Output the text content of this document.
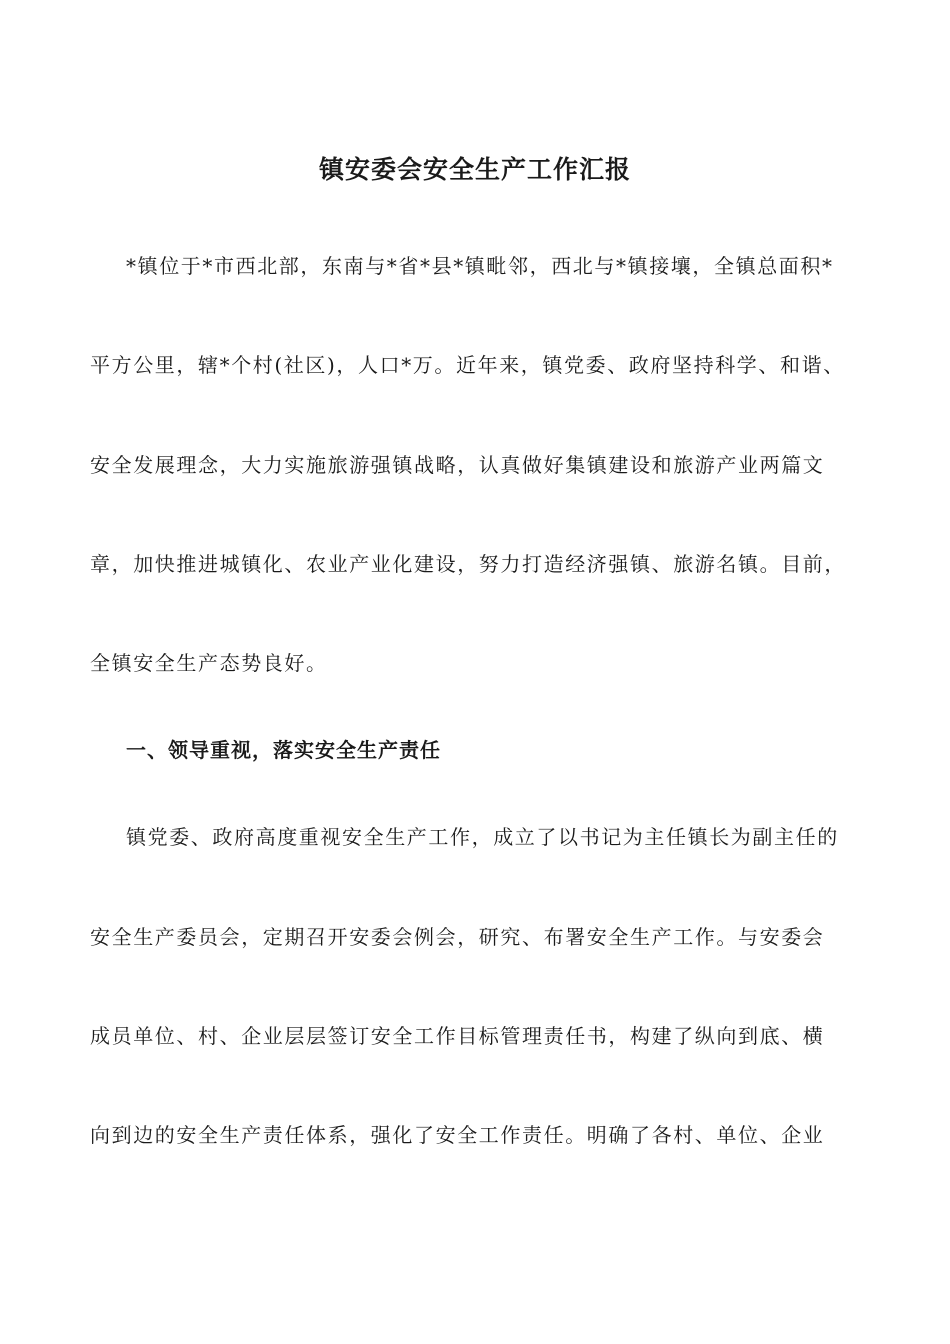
镇安委会安全生产工作汇报
*镇位于*市西北部，东南与*省*县*镇毗邻，西北与*镇接壤，全镇总面积*
平方公里，辖*个村(社区)，人口*万。近年来，镇党委、政府坚持科学、和谐、
安全发展理念，大力实施旅游强镇战略，认真做好集镇建设和旅游产业两篇文
章，加快推进城镇化、农业产业化建设，努力打造经济强镇、旅游名镇。目前，
全镇安全生产态势良好。
一、领导重视，落实安全生产责任
镇党委、政府高度重视安全生产工作，成立了以书记为主任镇长为副主任的
安全生产委员会，定期召开安委会例会，研究、布署安全生产工作。与安委会
成员单位、村、企业层层签订安全工作目标管理责任书，构建了纵向到底、横
向到边的安全生产责任体系，强化了安全工作责任。明确了各村、单位、企业
